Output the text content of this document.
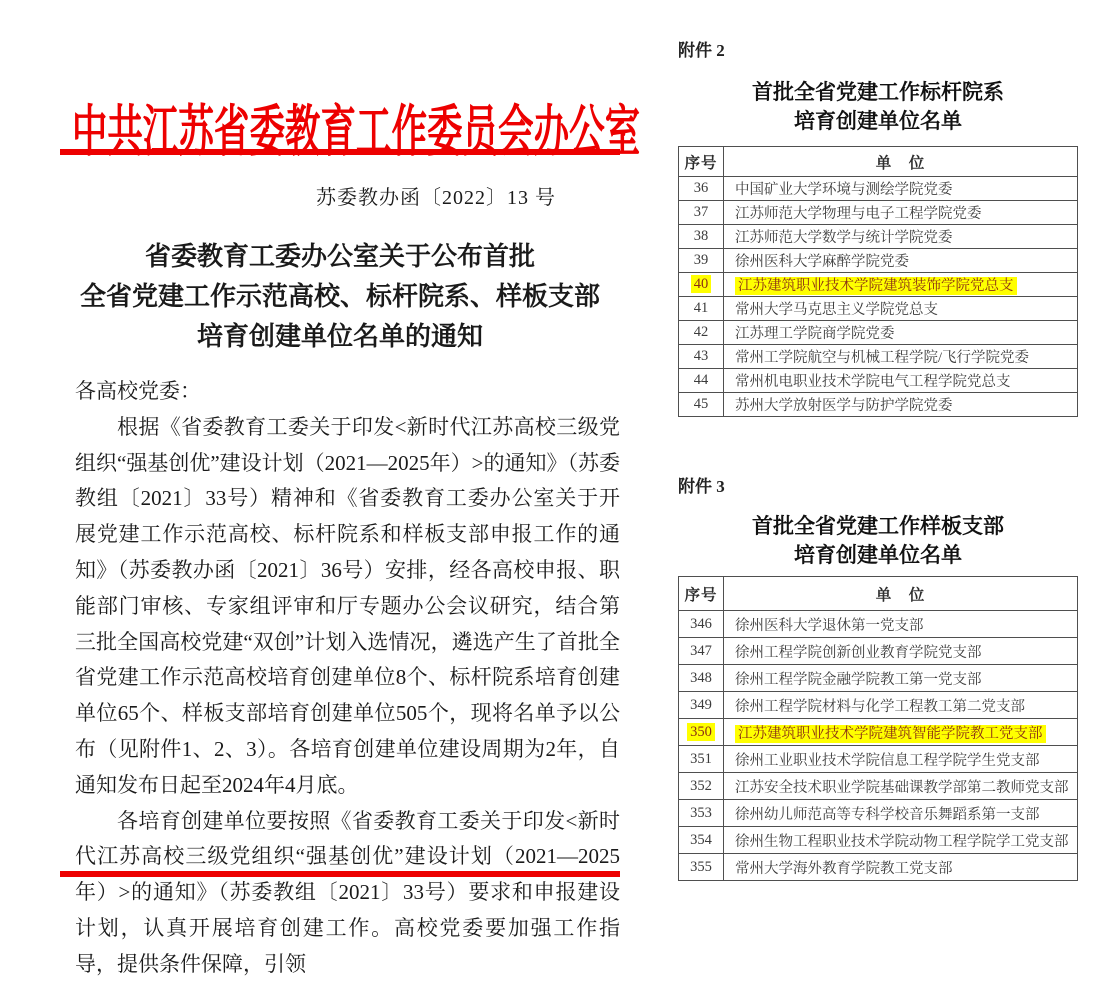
中共江苏省委教育工作委员会办公室
苏委教办函〔2022〕13 号
省委教育工委办公室关于公布首批
全省党建工作示范高校、标杆院系、样板支部
培育创建单位名单的通知

各高校党委：

根据《省委教育工委关于印发<新时代江苏高校三级党组织“强基创优”建设计划（2021—2025年）>的通知》（苏委教组〔2021〕33号）精神和《省委教育工委办公室关于开展党建工作示范高校、标杆院系和样板支部申报工作的通知》（苏委教办函〔2021〕36号）安排，经各高校申报、职能部门审核、专家组评审和厅专题办公会议研究，结合第三批全国高校党建“双创”计划入选情况，遴选产生了首批全省党建工作示范高校培育创建单位8个、标杆院系培育创建单位65个、样板支部培育创建单位505个，现将名单予以公布（见附件1、2、3）。各培育创建单位建设周期为2年，自通知发布日起至2024年4月底。

各培育创建单位要按照《省委教育工委关于印发<新时代江苏高校三级党组织“强基创优”建设计划（2021—2025年）>的通知》（苏委教组〔2021〕33号）要求和申报建设计划，认真开展培育创建工作。高校党委要加强工作指导，提供条件保障，引领

附件 2
首批全省党建工作标杆院系
培育创建单位名单
序号	单　位
36	中国矿业大学环境与测绘学院党委
37	江苏师范大学物理与电子工程学院党委
38	江苏师范大学数学与统计学院党委
39	徐州医科大学麻醉学院党委
40	江苏建筑职业技术学院建筑装饰学院党总支
41	常州大学马克思主义学院党总支
42	江苏理工学院商学院党委
43	常州工学院航空与机械工程学院/飞行学院党委
44	常州机电职业技术学院电气工程学院党总支
45	苏州大学放射医学与防护学院党委
附件 3
首批全省党建工作样板支部
培育创建单位名单
序号	单　位
346	徐州医科大学退休第一党支部
347	徐州工程学院创新创业教育学院党支部
348	徐州工程学院金融学院教工第一党支部
349	徐州工程学院材料与化学工程教工第二党支部
350	江苏建筑职业技术学院建筑智能学院教工党支部
351	徐州工业职业技术学院信息工程学院学生党支部
352	江苏安全技术职业学院基础课教学部第二教师党支部
353	徐州幼儿师范高等专科学校音乐舞蹈系第一支部
354	徐州生物工程职业技术学院动物工程学院学工党支部
355	常州大学海外教育学院教工党支部
